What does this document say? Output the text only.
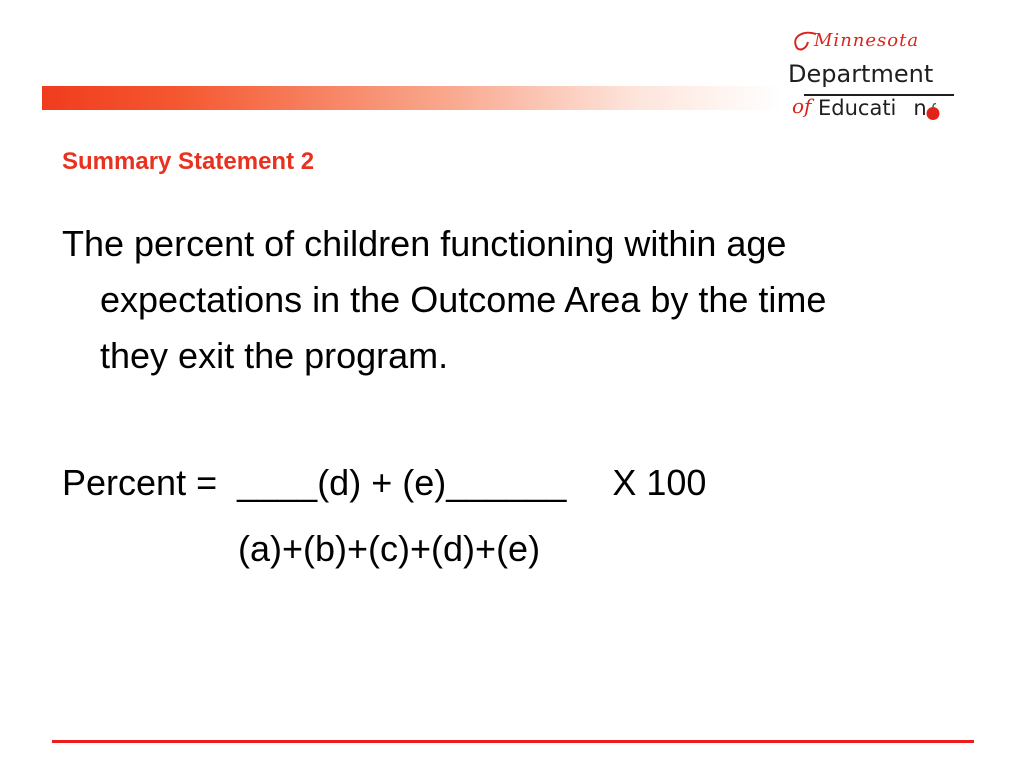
Minnesota
Department
of Educati n
Summary Statement 2

The percent of children functioning within age expectations in the Outcome Area by the time they exit the program.

Percent = ____(d) + (e)______ X 100
(a)+(b)+(c)+(d)+(e)
